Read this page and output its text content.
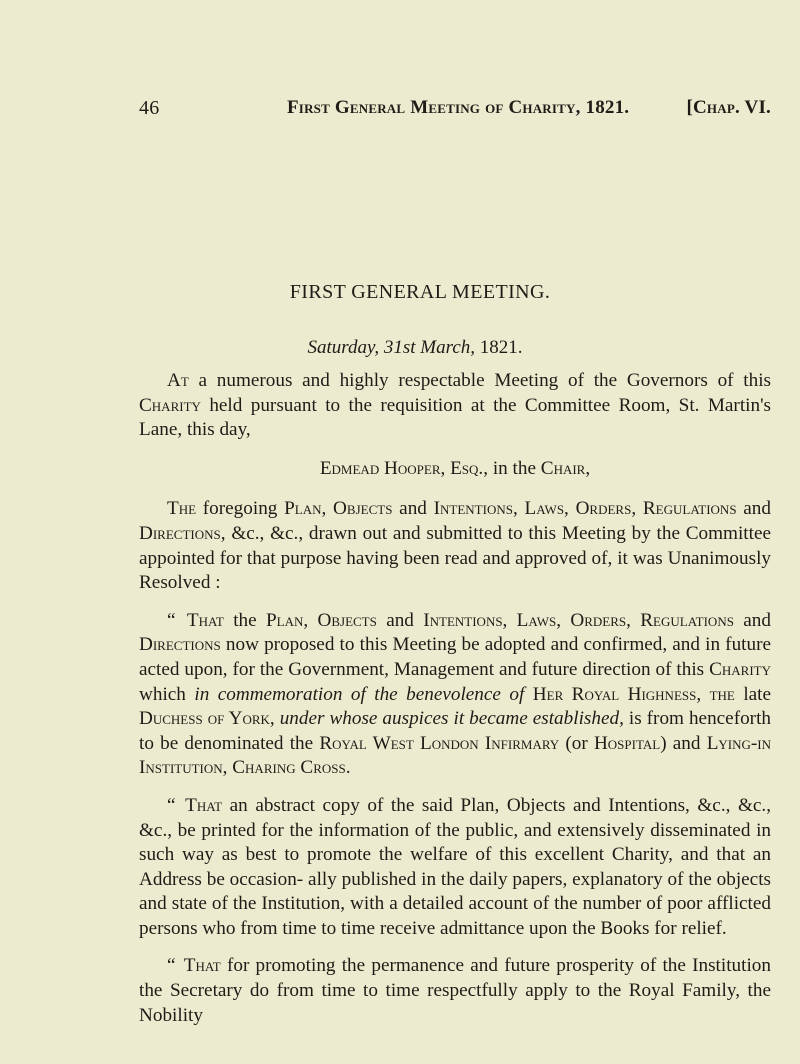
46	First General Meeting of Charity, 1821.	[Chap. VI.
FIRST GENERAL MEETING.
Saturday, 31st March, 1821.

At a numerous and highly respectable Meeting of the Governors of this Charity held pursuant to the requisition at the Committee Room, St. Martin's Lane, this day,

Edmead Hooper, Esq., in the Chair,

The foregoing Plan, Objects and Intentions, Laws, Orders, Regulations and Directions, &c., &c., drawn out and submitted to this Meeting by the Committee appointed for that purpose having been read and approved of, it was Unanimously Resolved :

“ That the Plan, Objects and Intentions, Laws, Orders, Regulations and Directions now proposed to this Meeting be adopted and confirmed, and in future acted upon, for the Government, Management and future direction of this Charity which in commemoration of the benevolence of Her Royal Highness, the late Duchess of York, under whose auspices it became established, is from henceforth to be denominated the Royal West London Infirmary (or Hospital) and Lying-in Institution, Charing Cross.

“ That an abstract copy of the said Plan, Objects and Intentions, &c., &c., &c., be printed for the information of the public, and extensively disseminated in such way as best to promote the welfare of this excellent Charity, and that an Address be occasion- ally published in the daily papers, explanatory of the objects and state of the Institution, with a detailed account of the number of poor afflicted persons who from time to time receive admittance upon the Books for relief.

“ That for promoting the permanence and future prosperity of the Institution the Secretary do from time to time respectfully apply to the Royal Family, the Nobility
